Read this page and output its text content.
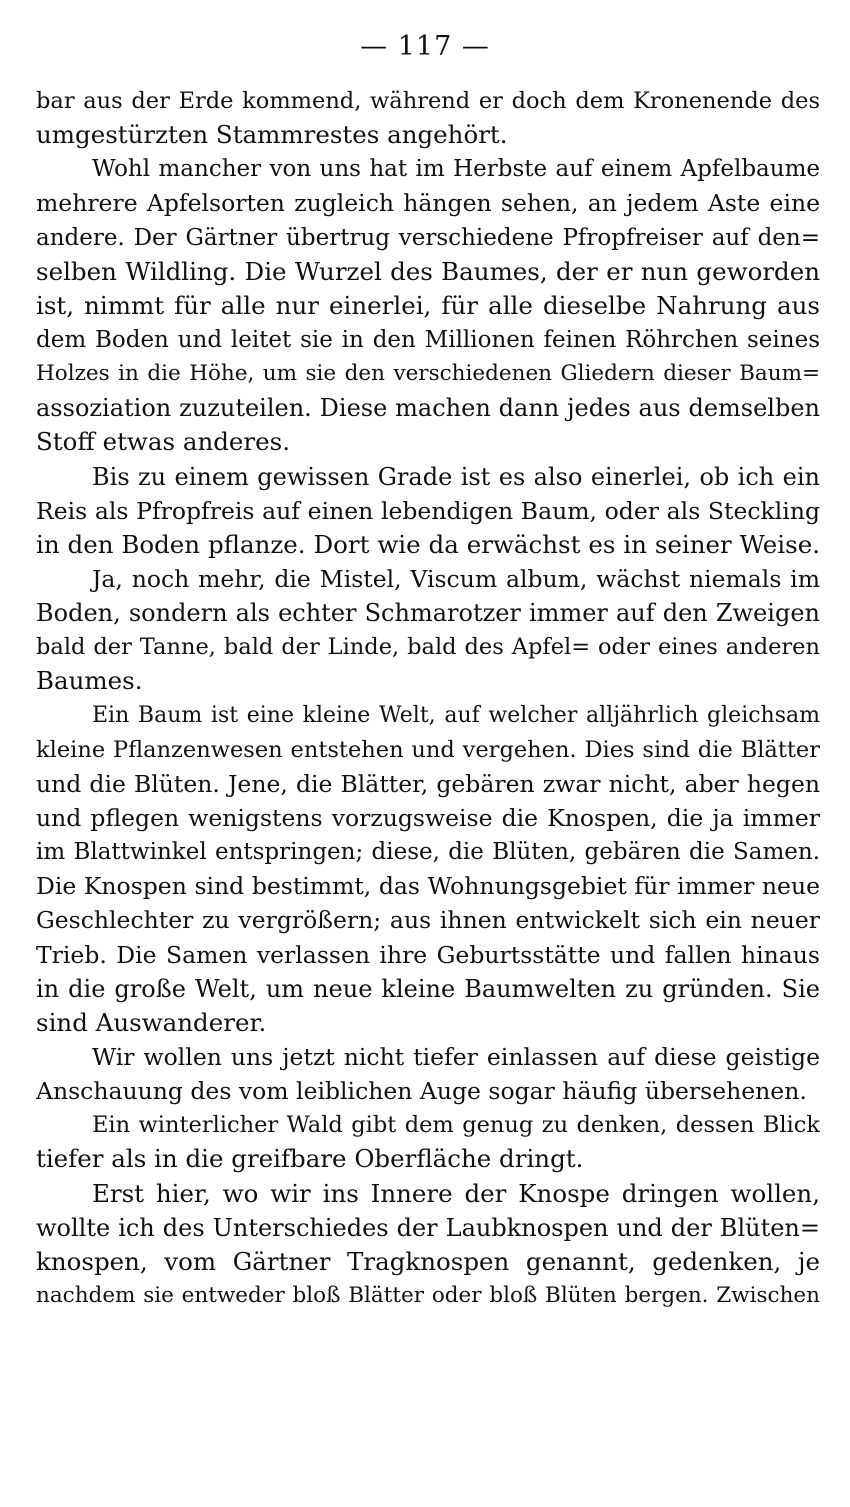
— 117 —
bar aus der Erde kommend, während er doch dem Kronenende des
umgestürzten Stammrestes angehört.
Wohl mancher von uns hat im Herbste auf einem Apfelbaume
mehrere Apfelsorten zugleich hängen sehen, an jedem Aste eine
andere. Der Gärtner übertrug verschiedene Pfropfreiser auf den=
selben Wildling. Die Wurzel des Baumes, der er nun geworden
ist, nimmt für alle nur einerlei, für alle dieselbe Nahrung aus
dem Boden und leitet sie in den Millionen feinen Röhrchen seines
Holzes in die Höhe, um sie den verschiedenen Gliedern dieser Baum=
assoziation zuzuteilen. Diese machen dann jedes aus demselben
Stoff etwas anderes.
Bis zu einem gewissen Grade ist es also einerlei, ob ich ein
Reis als Pfropfreis auf einen lebendigen Baum, oder als Steckling
in den Boden pflanze. Dort wie da erwächst es in seiner Weise.
Ja, noch mehr, die Mistel, Viscum album, wächst niemals im
Boden, sondern als echter Schmarotzer immer auf den Zweigen
bald der Tanne, bald der Linde, bald des Apfel= oder eines anderen
Baumes.
Ein Baum ist eine kleine Welt, auf welcher alljährlich gleichsam
kleine Pflanzenwesen entstehen und vergehen. Dies sind die Blätter
und die Blüten. Jene, die Blätter, gebären zwar nicht, aber hegen
und pflegen wenigstens vorzugsweise die Knospen, die ja immer
im Blattwinkel entspringen; diese, die Blüten, gebären die Samen.
Die Knospen sind bestimmt, das Wohnungsgebiet für immer neue
Geschlechter zu vergrößern; aus ihnen entwickelt sich ein neuer
Trieb. Die Samen verlassen ihre Geburtsstätte und fallen hinaus
in die große Welt, um neue kleine Baumwelten zu gründen. Sie
sind Auswanderer.
Wir wollen uns jetzt nicht tiefer einlassen auf diese geistige
Anschauung des vom leiblichen Auge sogar häufig übersehenen.
Ein winterlicher Wald gibt dem genug zu denken, dessen Blick
tiefer als in die greifbare Oberfläche dringt.
Erst hier, wo wir ins Innere der Knospe dringen wollen,
wollte ich des Unterschiedes der Laubknospen und der Blüten=
knospen, vom Gärtner Tragknospen genannt, gedenken, je
nachdem sie entweder bloß Blätter oder bloß Blüten bergen. Zwischen
